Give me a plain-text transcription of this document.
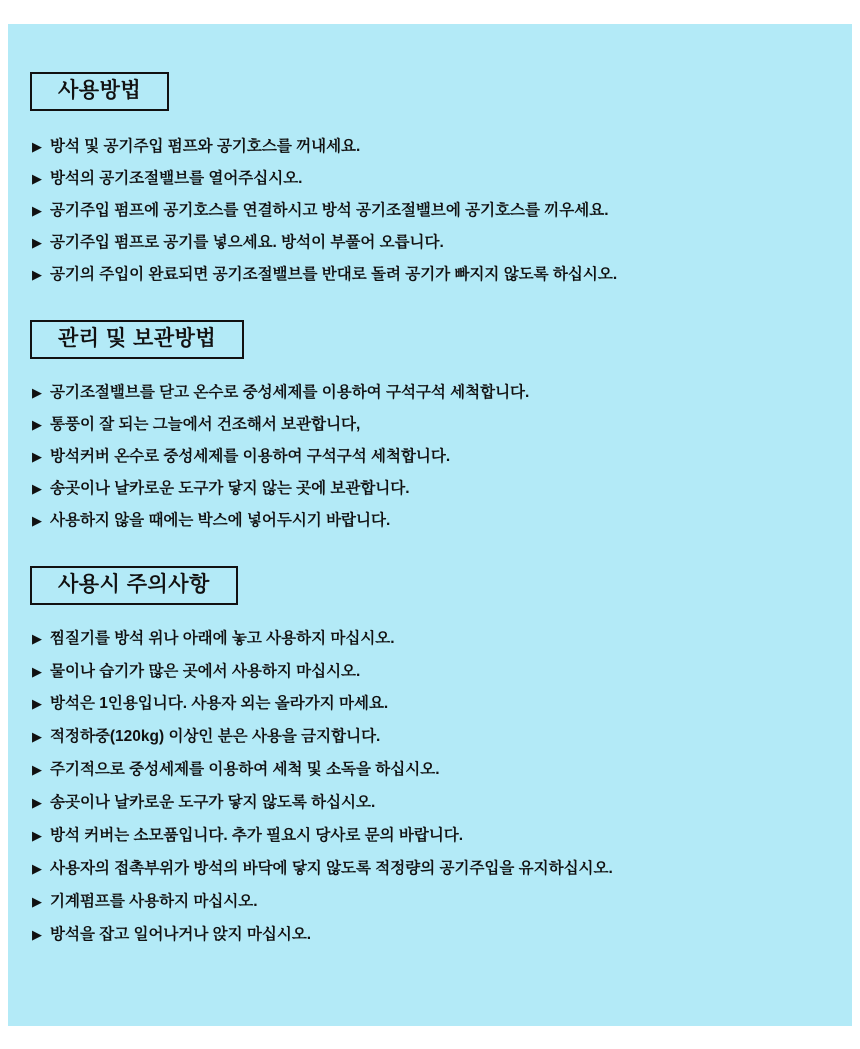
사용방법
▶ 방석 및 공기주입 펌프와 공기호스를 꺼내세요.
▶ 방석의 공기조절밸브를 열어주십시오.
▶ 공기주입 펌프에 공기호스를 연결하시고 방석 공기조절밸브에 공기호스를 끼우세요.
▶ 공기주입 펌프로 공기를 넣으세요. 방석이 부풀어 오릅니다.
▶ 공기의 주입이 완료되면 공기조절밸브를 반대로 돌려 공기가 빠지지 않도록 하십시오.
관리 및 보관방법
▶ 공기조절밸브를 닫고 온수로 중성세제를 이용하여 구석구석 세척합니다.
▶ 통풍이 잘 되는 그늘에서 건조해서 보관합니다,
▶ 방석커버 온수로 중성세제를 이용하여 구석구석 세척합니다.
▶ 송곳이나 날카로운 도구가 닿지 않는 곳에 보관합니다.
▶ 사용하지 않을 때에는 박스에 넣어두시기 바랍니다.
사용시 주의사항
▶ 찜질기를 방석 위나 아래에 놓고 사용하지 마십시오.
▶ 물이나 습기가 많은 곳에서 사용하지 마십시오.
▶ 방석은 1인용입니다. 사용자 외는 올라가지 마세요.
▶ 적정하중(120kg) 이상인 분은 사용을 금지합니다.
▶ 주기적으로 중성세제를 이용하여 세척 및 소독을 하십시오.
▶ 송곳이나 날카로운 도구가 닿지 않도록 하십시오.
▶ 방석 커버는 소모품입니다. 추가 필요시 당사로 문의 바랍니다.
▶ 사용자의 접촉부위가 방석의 바닥에 닿지 않도록 적정량의 공기주입을 유지하십시오.
▶ 기계펌프를 사용하지 마십시오.
▶ 방석을 잡고 일어나거나 앉지 마십시오.
